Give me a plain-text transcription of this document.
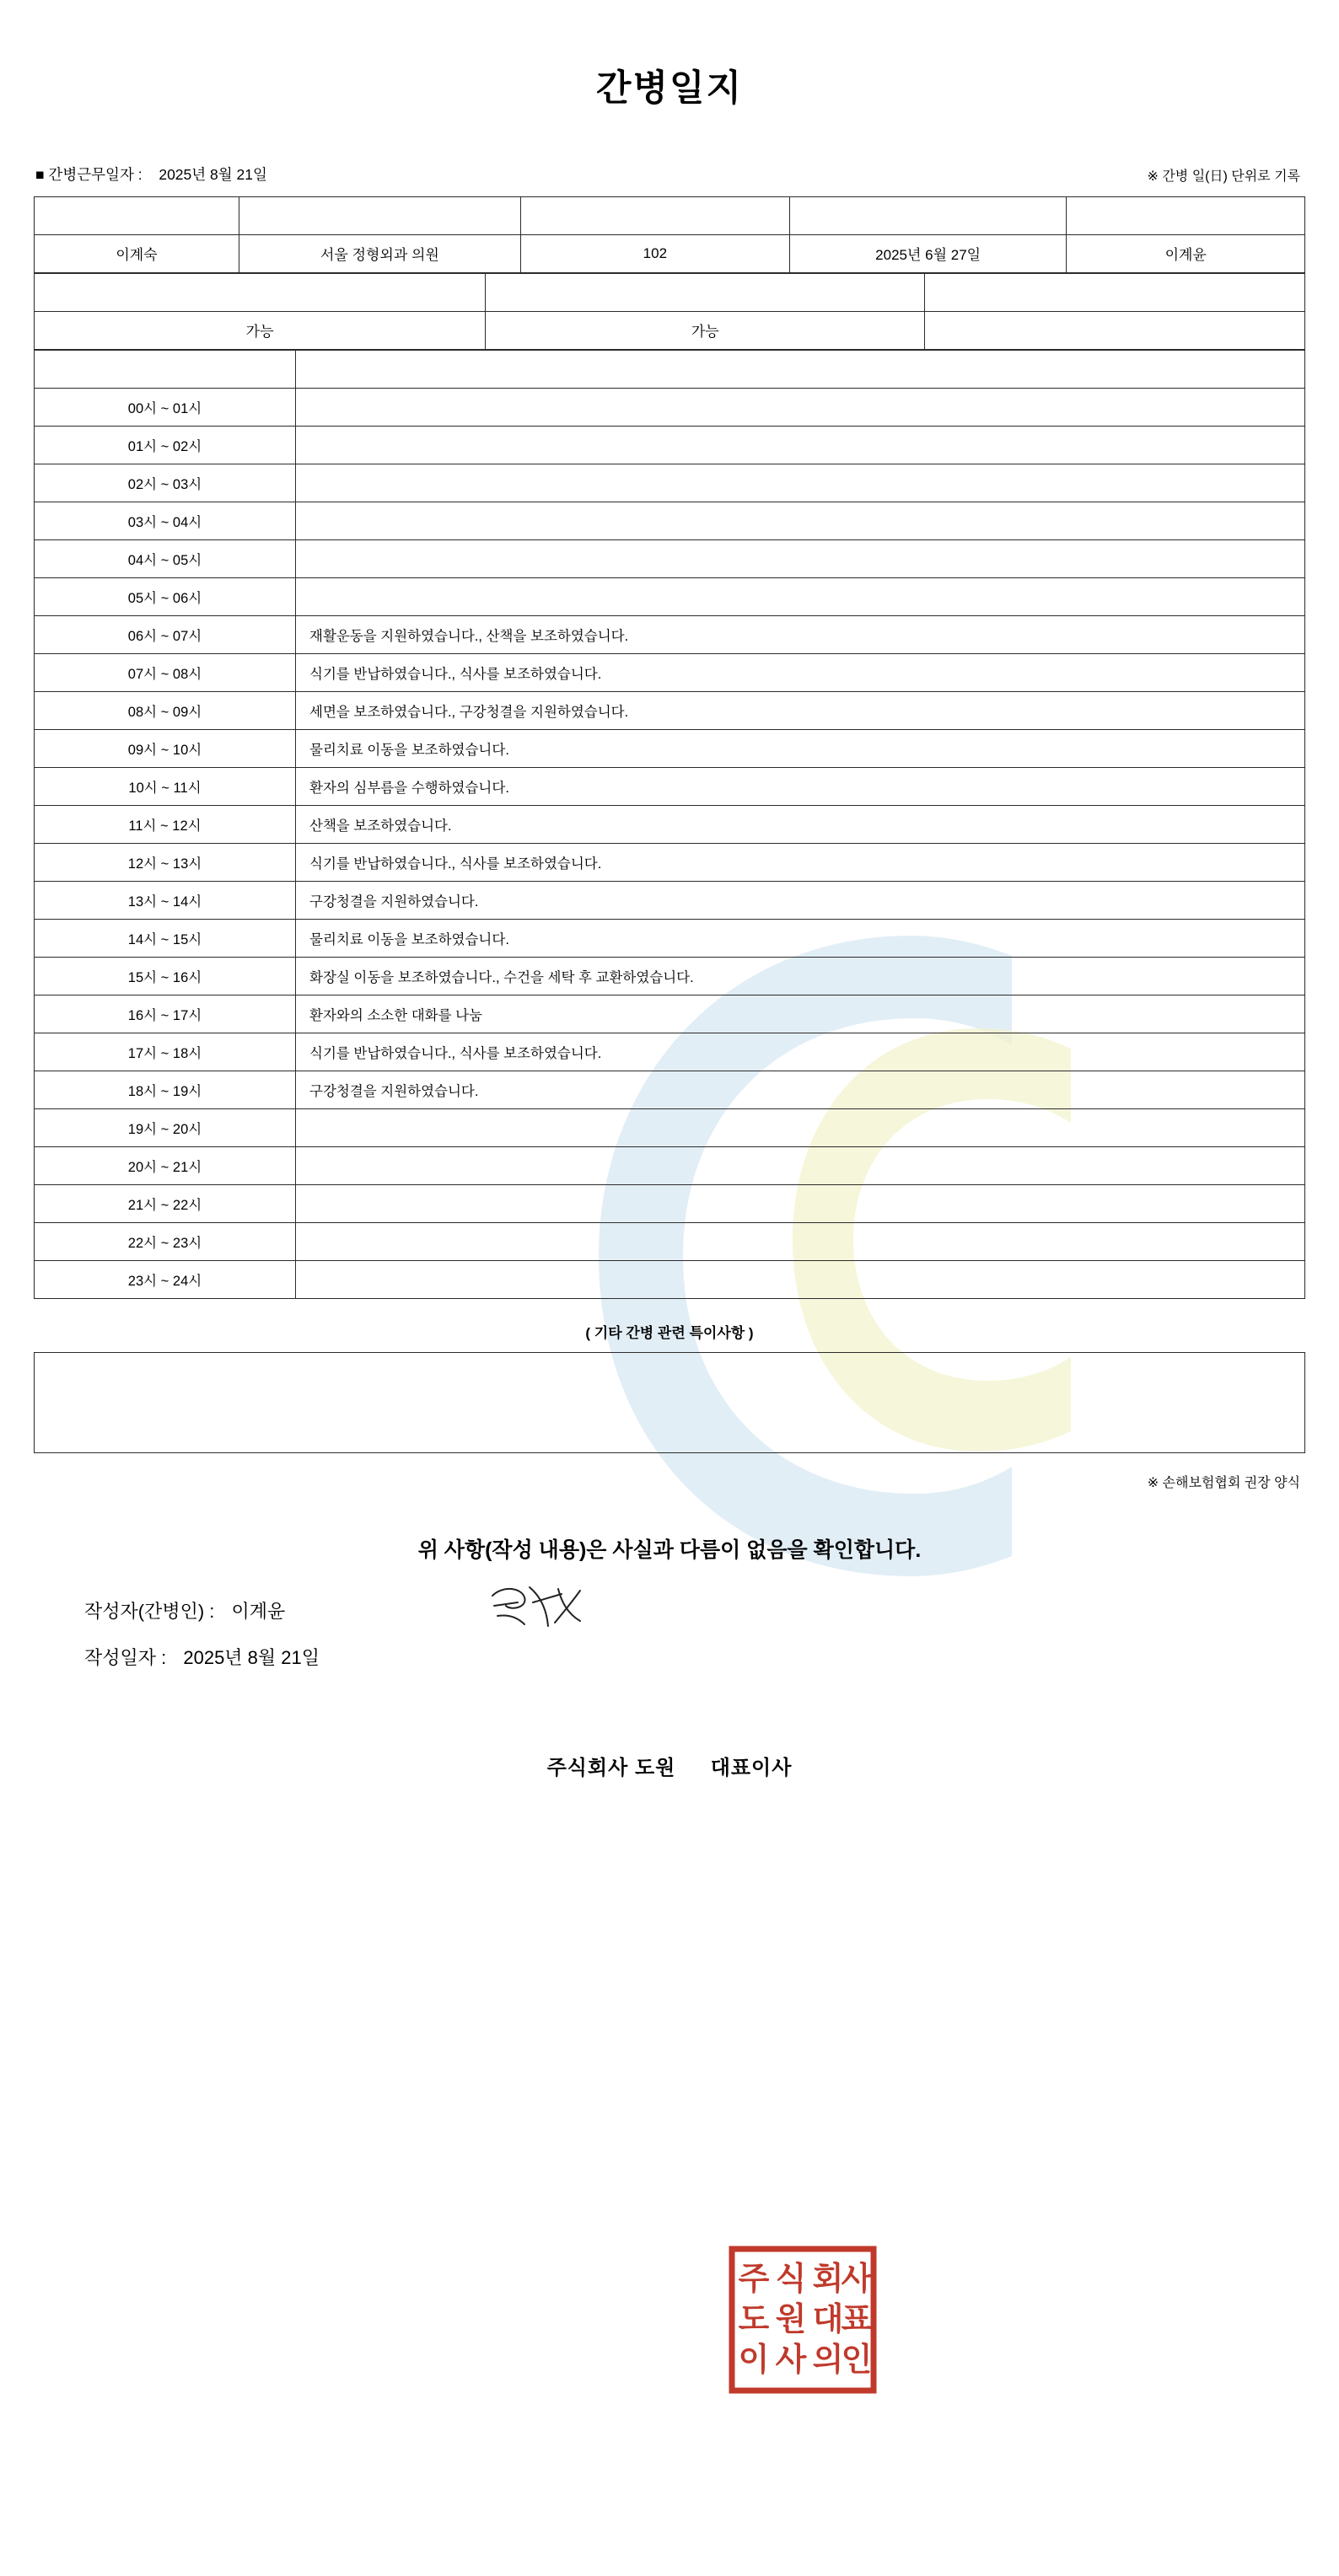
간병일지
■ 간병근무일자 : 2025년 8월 21일	※ 간병 일(日) 단위로 기록
환자성명	의료기관	병실호수	입원날짜	간병인명
이계숙	서울 정형외과 의원	102	2025년 6월 27일	이계윤
자가 보행	음식 경구 섭취	체내 관 삽입
가능	가능	
시간	간병 내용
00시 ~ 01시	
01시 ~ 02시	
02시 ~ 03시	
03시 ~ 04시	
04시 ~ 05시	
05시 ~ 06시	
06시 ~ 07시	재활운동을 지원하였습니다., 산책을 보조하였습니다.
07시 ~ 08시	식기를 반납하였습니다., 식사를 보조하였습니다.
08시 ~ 09시	세면을 보조하였습니다., 구강청결을 지원하였습니다.
09시 ~ 10시	물리치료 이동을 보조하였습니다.
10시 ~ 11시	환자의 심부름을 수행하였습니다.
11시 ~ 12시	산책을 보조하였습니다.
12시 ~ 13시	식기를 반납하였습니다., 식사를 보조하였습니다.
13시 ~ 14시	구강청결을 지원하였습니다.
14시 ~ 15시	물리치료 이동을 보조하였습니다.
15시 ~ 16시	화장실 이동을 보조하였습니다., 수건을 세탁 후 교환하였습니다.
16시 ~ 17시	환자와의 소소한 대화를 나눔
17시 ~ 18시	식기를 반납하였습니다., 식사를 보조하였습니다.
18시 ~ 19시	구강청결을 지원하였습니다.
19시 ~ 20시	
20시 ~ 21시	
21시 ~ 22시	
22시 ~ 23시	
23시 ~ 24시	
( 기타 간병 관련 특이사항 )
※ 손해보험협회 권장 양식
위 사항(작성 내용)은 사실과 다름이 없음을 확인합니다.
작성자(간병인) : 이계윤
작성일자 : 2025년 8월 21일
주식회사 도원 대표이사
주 식 회
사
도 원 대
표
이 사 의
인
